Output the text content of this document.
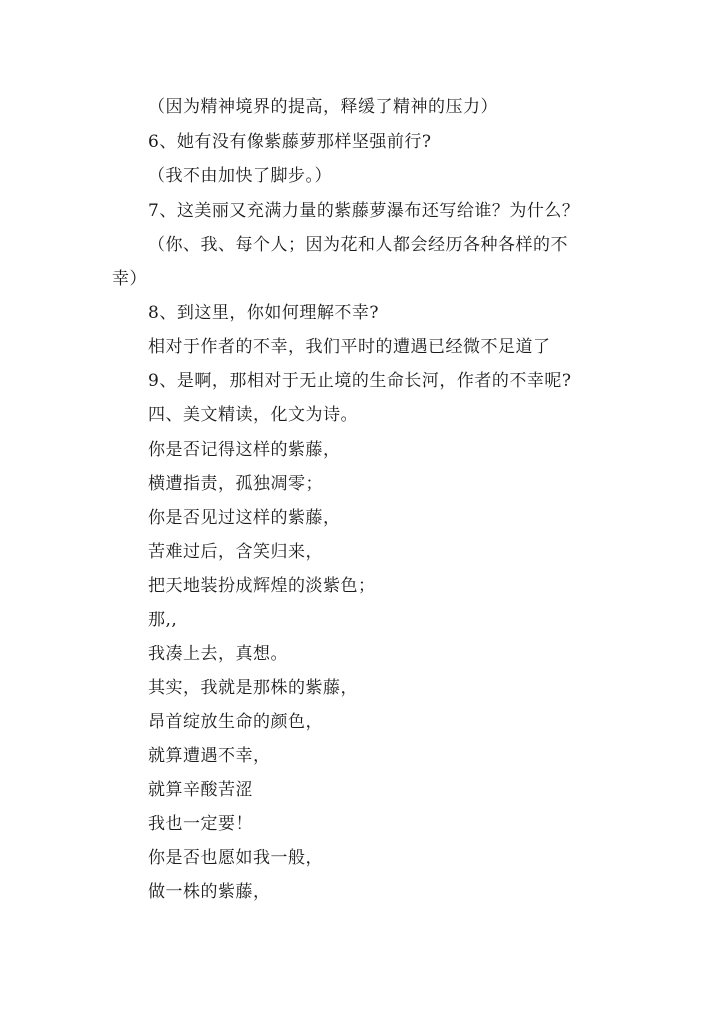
（因为精神境界的提高，释缓了精神的压力）
6、她有没有像紫藤萝那样坚强前行?
（我不由加快了脚步。）
7、这美丽又充满力量的紫藤萝瀑布还写给谁？为什么？
（你、我、每个人；因为花和人都会经历各种各样的不
幸）
8、到这里，你如何理解不幸?
相对于作者的不幸，我们平时的遭遇已经微不足道了
9、是啊，那相对于无止境的生命长河，作者的不幸呢?
四、美文精读，化文为诗。
你是否记得这样的紫藤，
横遭指责，孤独凋零；
你是否见过这样的紫藤，
苦难过后，含笑归来，
把天地装扮成辉煌的淡紫色；
那,,
我凑上去，真想。
其实，我就是那株的紫藤，
昂首绽放生命的颜色，
就算遭遇不幸，
就算辛酸苦涩
我也一定要！
你是否也愿如我一般，
做一株的紫藤，
